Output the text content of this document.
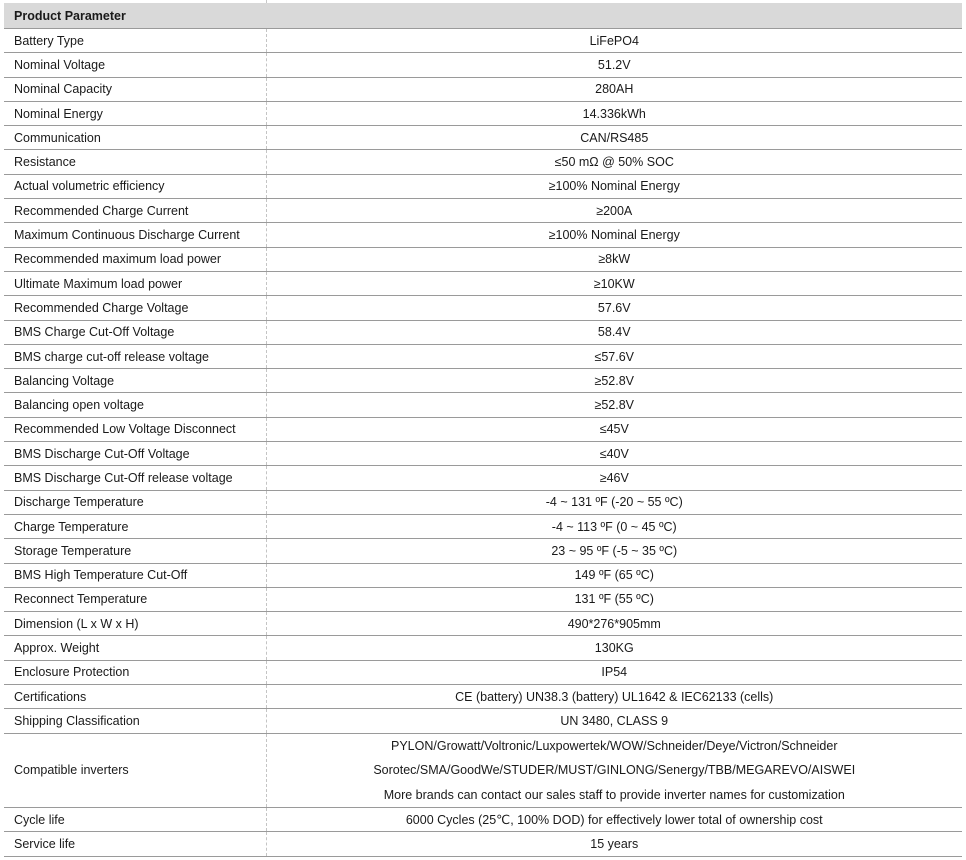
Product Parameter	
Battery Type	LiFePO4
Nominal Voltage	51.2V
Nominal Capacity	280AH
Nominal Energy	14.336kWh
Communication	CAN/RS485
Resistance	≤50 mΩ @ 50% SOC
Actual volumetric efficiency	≥100% Nominal Energy
Recommended Charge Current	≥200A
Maximum Continuous Discharge Current	≥100% Nominal Energy
Recommended maximum load power	≥8kW
Ultimate Maximum load power	≥10KW
Recommended Charge Voltage	57.6V
BMS Charge Cut-Off Voltage	58.4V
BMS charge cut-off release voltage	≤57.6V
Balancing Voltage	≥52.8V
Balancing open voltage	≥52.8V
Recommended Low Voltage Disconnect	≤45V
BMS Discharge Cut-Off Voltage	≤40V
BMS Discharge Cut-Off release voltage	≥46V
Discharge Temperature	-4 ~ 131 ºF (-20 ~ 55 ºC)
Charge Temperature	-4 ~ 113 ºF (0 ~ 45 ºC)
Storage Temperature	23 ~ 95 ºF (-5 ~ 35 ºC)
BMS High Temperature Cut-Off	149 ºF (65 ºC)
Reconnect Temperature	131 ºF (55 ºC)
Dimension (L x W x H)	490*276*905mm
Approx. Weight	130KG
Enclosure Protection	IP54
Certifications	CE (battery) UN38.3 (battery) UL1642 & IEC62133 (cells)
Shipping Classification	UN 3480, CLASS 9
Compatible inverters	PYLON/Growatt/Voltronic/Luxpowertek/WOW/Schneider/Deye/Victron/Schneider
Sorotec/SMA/GoodWe/STUDER/MUST/GINLONG/Senergy/TBB/MEGAREVO/AISWEI
More brands can contact our sales staff to provide inverter names for customization

Cycle life	6000 Cycles (25℃, 100% DOD) for effectively lower total of ownership cost
Service life	15 years
